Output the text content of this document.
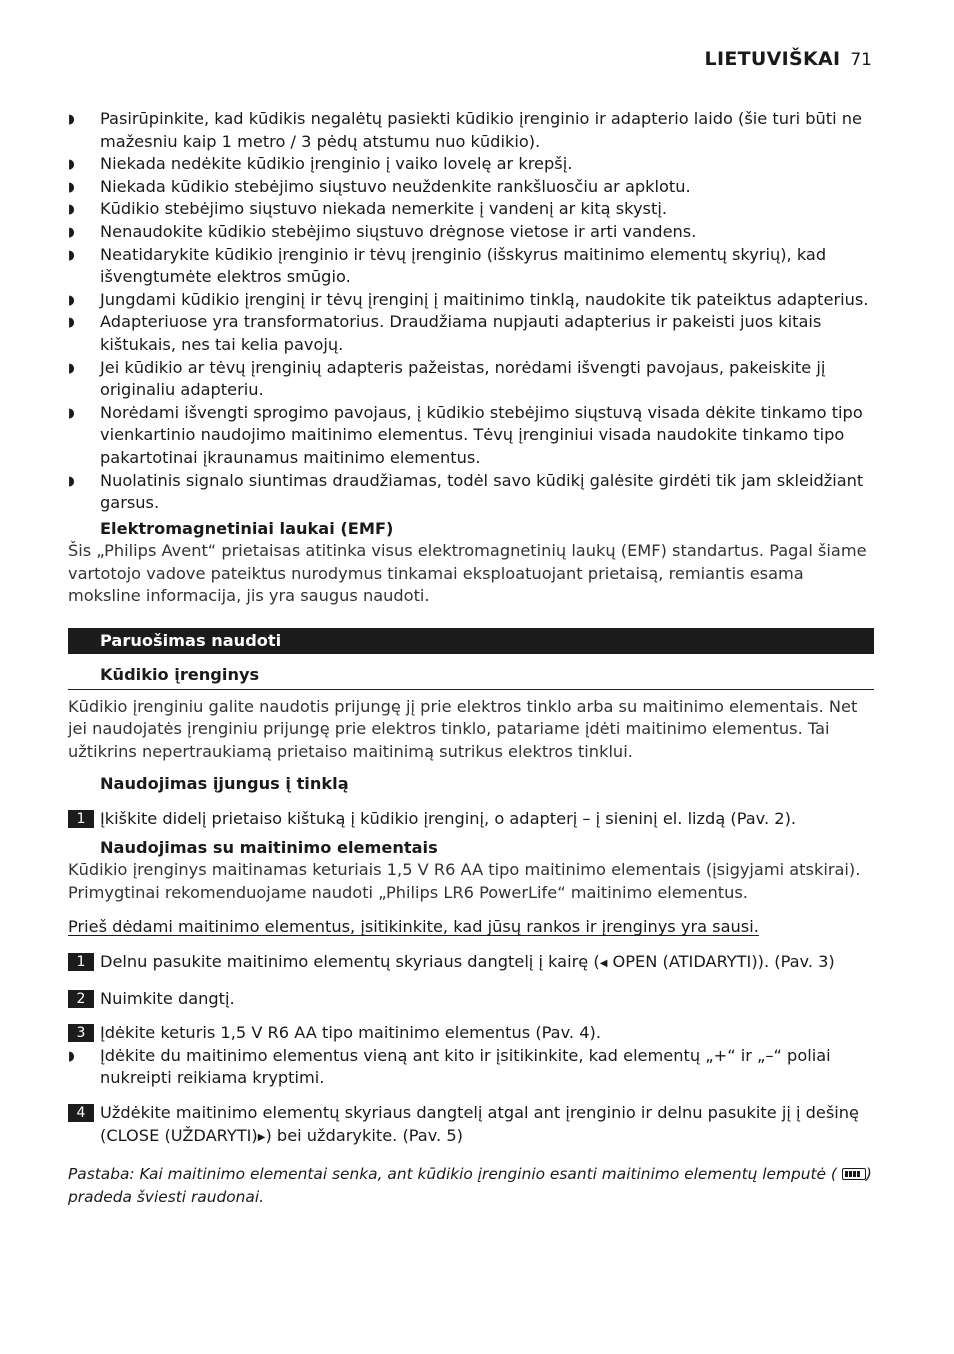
LIETUVIŠKAI 71
◗ Pasirūpinkite, kad kūdikis negalėtų pasiekti kūdikio įrenginio ir adapterio laido (šie turi būti ne mažesniu kaip 1 metro / 3 pėdų atstumu nuo kūdikio).
◗ Niekada nedėkite kūdikio įrenginio į vaiko lovelę ar krepšį.
◗ Niekada kūdikio stebėjimo siųstuvo neuždenkite rankšluosčiu ar apklotu.
◗ Kūdikio stebėjimo siųstuvo niekada nemerkite į vandenį ar kitą skystį.
◗ Nenaudokite kūdikio stebėjimo siųstuvo drėgnose vietose ir arti vandens.
◗ Neatidarykite kūdikio įrenginio ir tėvų įrenginio (išskyrus maitinimo elementų skyrių), kad išvengtumėte elektros smūgio.
◗ Jungdami kūdikio įrenginį ir tėvų įrenginį į maitinimo tinklą, naudokite tik pateiktus adapterius.
◗ Adapteriuose yra transformatorius. Draudžiama nupjauti adapterius ir pakeisti juos kitais kištukais, nes tai kelia pavojų.
◗ Jei kūdikio ar tėvų įrenginių adapteris pažeistas, norėdami išvengti pavojaus, pakeiskite jį originaliu adapteriu.
◗ Norėdami išvengti sprogimo pavojaus, į kūdikio stebėjimo siųstuvą visada dėkite tinkamo tipo vienkartinio naudojimo maitinimo elementus. Tėvų įrenginiui visada naudokite tinkamo tipo pakartotinai įkraunamus maitinimo elementus.
◗ Nuolatinis signalo siuntimas draudžiamas, todėl savo kūdikį galėsite girdėti tik jam skleidžiant garsus.
Elektromagnetiniai laukai (EMF)
Šis „Philips Avent“ prietaisas atitinka visus elektromagnetinių laukų (EMF) standartus. Pagal šiame vartotojo vadove pateiktus nurodymus tinkamai eksploatuojant prietaisą, remiantis esama moksline informacija, jis yra saugus naudoti.
Paruošimas naudoti
Kūdikio įrenginys
Kūdikio įrenginiu galite naudotis prijungę jį prie elektros tinklo arba su maitinimo elementais. Net jei naudojatės įrenginiu prijungę prie elektros tinklo, patariame įdėti maitinimo elementus. Tai užtikrins nepertraukiamą prietaiso maitinimą sutrikus elektros tinklui.
Naudojimas įjungus į tinklą
1 Įkiškite didelį prietaiso kištuką į kūdikio įrenginį, o adapterį – į sieninį el. lizdą (Pav. 2).
Naudojimas su maitinimo elementais
Kūdikio įrenginys maitinamas keturiais 1,5 V R6 AA tipo maitinimo elementais (įsigyjami atskirai). Primygtinai rekomenduojame naudoti „Philips LR6 PowerLife“ maitinimo elementus.
Prieš dėdami maitinimo elementus, įsitikinkite, kad jūsų rankos ir įrenginys yra sausi.
1 Delnu pasukite maitinimo elementų skyriaus dangtelį į kairę (◀ OPEN (ATIDARYTI)). (Pav. 3)
2 Nuimkite dangtį.
3 Įdėkite keturis 1,5 V R6 AA tipo maitinimo elementus (Pav. 4).
◗ Įdėkite du maitinimo elementus vieną ant kito ir įsitikinkite, kad elementų „+“ ir „–“ poliai nukreipti reikiama kryptimi.
4 Uždėkite maitinimo elementų skyriaus dangtelį atgal ant įrenginio ir delnu pasukite jį į dešinę (CLOSE (UŽDARYTI)▶) bei uždarykite. (Pav. 5)
Pastaba: Kai maitinimo elementai senka, ant kūdikio įrenginio esanti maitinimo elementų lemputė ( ) pradeda šviesti raudonai.
